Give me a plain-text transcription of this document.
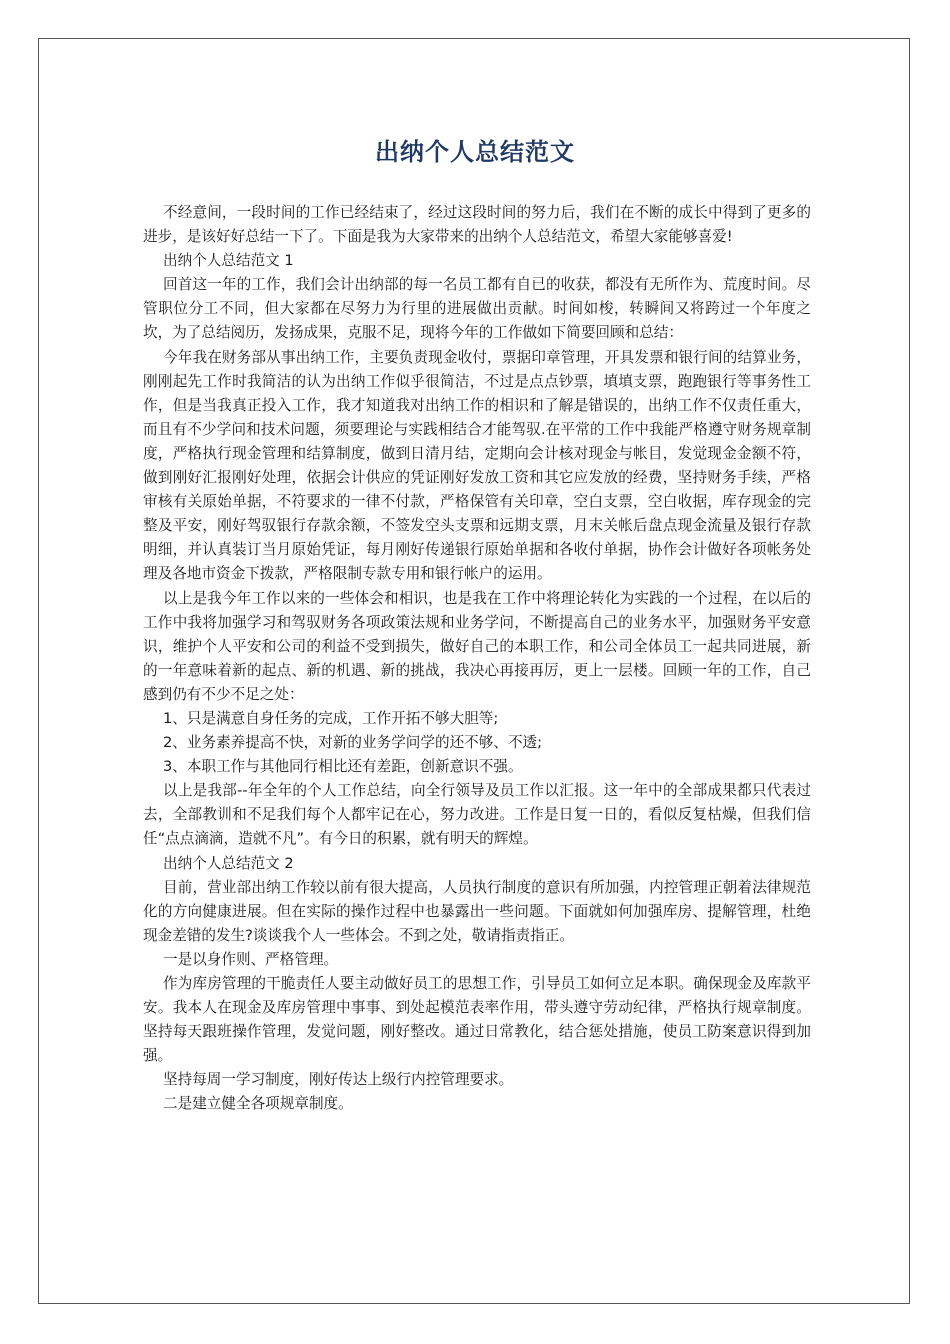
出纳个人总结范文

不经意间，一段时间的工作已经结束了，经过这段时间的努力后，我们在不断的成长中得到了更多的进步，是该好好总结一下了。下面是我为大家带来的出纳个人总结范文，希望大家能够喜爱!

出纳个人总结范文 1

回首这一年的工作，我们会计出纳部的每一名员工都有自已的收获，都没有无所作为、荒度时间。尽管职位分工不同，但大家都在尽努力为行里的进展做出贡献。时间如梭，转瞬间又将跨过一个年度之坎，为了总结阅历，发扬成果，克服不足，现将今年的工作做如下简要回顾和总结：

今年我在财务部从事出纳工作，主要负责现金收付，票据印章管理，开具发票和银行间的结算业务，刚刚起先工作时我简洁的认为出纳工作似乎很简洁，不过是点点钞票，填填支票，跑跑银行等事务性工作，但是当我真正投入工作，我才知道我对出纳工作的相识和了解是错误的，出纳工作不仅责任重大，而且有不少学问和技术问题，须要理论与实践相结合才能驾驭.在平常的工作中我能严格遵守财务规章制度，严格执行现金管理和结算制度，做到日清月结，定期向会计核对现金与帐目，发觉现金金额不符，做到刚好汇报刚好处理，依据会计供应的凭证刚好发放工资和其它应发放的经费，坚持财务手续，严格审核有关原始单据，不符要求的一律不付款，严格保管有关印章，空白支票，空白收据，库存现金的完整及平安，刚好驾驭银行存款余额，不签发空头支票和远期支票，月末关帐后盘点现金流量及银行存款明细，并认真装订当月原始凭证，每月刚好传递银行原始单据和各收付单据，协作会计做好各项帐务处理及各地市资金下拨款，严格限制专款专用和银行帐户的运用。

以上是我今年工作以来的一些体会和相识，也是我在工作中将理论转化为实践的一个过程，在以后的工作中我将加强学习和驾驭财务各项政策法规和业务学问，不断提高自己的业务水平，加强财务平安意识，维护个人平安和公司的利益不受到损失，做好自己的本职工作，和公司全体员工一起共同进展，新的一年意味着新的起点、新的机遇、新的挑战，我决心再接再厉，更上一层楼。回顾一年的工作，自己感到仍有不少不足之处：

1、只是满意自身任务的完成，工作开拓不够大胆等;

2、业务素养提高不快，对新的业务学问学的还不够、不透;

3、本职工作与其他同行相比还有差距，创新意识不强。

以上是我部--年全年的个人工作总结，向全行领导及员工作以汇报。这一年中的全部成果都只代表过去，全部教训和不足我们每个人都牢记在心，努力改进。工作是日复一日的，看似反复枯燥，但我们信任“点点滴滴，造就不凡”。有今日的积累，就有明天的辉煌。

出纳个人总结范文 2

目前，营业部出纳工作较以前有很大提高，人员执行制度的意识有所加强，内控管理正朝着法律规范化的方向健康进展。但在实际的操作过程中也暴露出一些问题。下面就如何加强库房、提解管理，杜绝现金差错的发生?谈谈我个人一些体会。不到之处，敬请指责指正。

一是以身作则、严格管理。

作为库房管理的干脆责任人要主动做好员工的思想工作，引导员工如何立足本职。确保现金及库款平安。我本人在现金及库房管理中事事、到处起模范表率作用，带头遵守劳动纪律，严格执行规章制度。坚持每天跟班操作管理，发觉问题，刚好整改。通过日常教化，结合惩处措施，使员工防案意识得到加强。

坚持每周一学习制度，刚好传达上级行内控管理要求。

二是建立健全各项规章制度。
